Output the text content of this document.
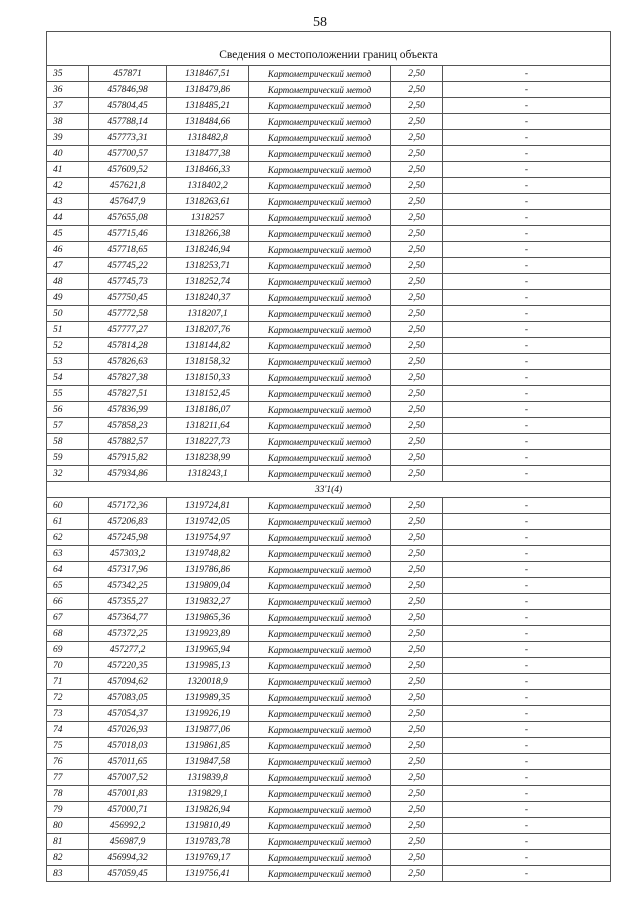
58
Сведения о местоположении границ объекта					
35	457871	1318467,51	Картометрический метод	2,50	-
36	457846,98	1318479,86	Картометрический метод	2,50	-
37	457804,45	1318485,21	Картометрический метод	2,50	-
38	457788,14	1318484,66	Картометрический метод	2,50	-
39	457773,31	1318482,8	Картометрический метод	2,50	-
40	457700,57	1318477,38	Картометрический метод	2,50	-
41	457609,52	1318466,33	Картометрический метод	2,50	-
42	457621,8	1318402,2	Картометрический метод	2,50	-
43	457647,9	1318263,61	Картометрический метод	2,50	-
44	457655,08	1318257	Картометрический метод	2,50	-
45	457715,46	1318266,38	Картометрический метод	2,50	-
46	457718,65	1318246,94	Картометрический метод	2,50	-
47	457745,22	1318253,71	Картометрический метод	2,50	-
48	457745,73	1318252,74	Картометрический метод	2,50	-
49	457750,45	1318240,37	Картометрический метод	2,50	-
50	457772,58	1318207,1	Картометрический метод	2,50	-
51	457777,27	1318207,76	Картометрический метод	2,50	-
52	457814,28	1318144,82	Картометрический метод	2,50	-
53	457826,63	1318158,32	Картометрический метод	2,50	-
54	457827,38	1318150,33	Картометрический метод	2,50	-
55	457827,51	1318152,45	Картометрический метод	2,50	-
56	457836,99	1318186,07	Картометрический метод	2,50	-
57	457858,23	1318211,64	Картометрический метод	2,50	-
58	457882,57	1318227,73	Картометрический метод	2,50	-
59	457915,82	1318238,99	Картометрический метод	2,50	-
32	457934,86	1318243,1	Картометрический метод	2,50	-
33'1(4)					
60	457172,36	1319724,81	Картометрический метод	2,50	-
61	457206,83	1319742,05	Картометрический метод	2,50	-
62	457245,98	1319754,97	Картометрический метод	2,50	-
63	457303,2	1319748,82	Картометрический метод	2,50	-
64	457317,96	1319786,86	Картометрический метод	2,50	-
65	457342,25	1319809,04	Картометрический метод	2,50	-
66	457355,27	1319832,27	Картометрический метод	2,50	-
67	457364,77	1319865,36	Картометрический метод	2,50	-
68	457372,25	1319923,89	Картометрический метод	2,50	-
69	457277,2	1319965,94	Картометрический метод	2,50	-
70	457220,35	1319985,13	Картометрический метод	2,50	-
71	457094,62	1320018,9	Картометрический метод	2,50	-
72	457083,05	1319989,35	Картометрический метод	2,50	-
73	457054,37	1319926,19	Картометрический метод	2,50	-
74	457026,93	1319877,06	Картометрический метод	2,50	-
75	457018,03	1319861,85	Картометрический метод	2,50	-
76	457011,65	1319847,58	Картометрический метод	2,50	-
77	457007,52	1319839,8	Картометрический метод	2,50	-
78	457001,83	1319829,1	Картометрический метод	2,50	-
79	457000,71	1319826,94	Картометрический метод	2,50	-
80	456992,2	1319810,49	Картометрический метод	2,50	-
81	456987,9	1319783,78	Картометрический метод	2,50	-
82	456994,32	1319769,17	Картометрический метод	2,50	-
83	457059,45	1319756,41	Картометрический метод	2,50	-
